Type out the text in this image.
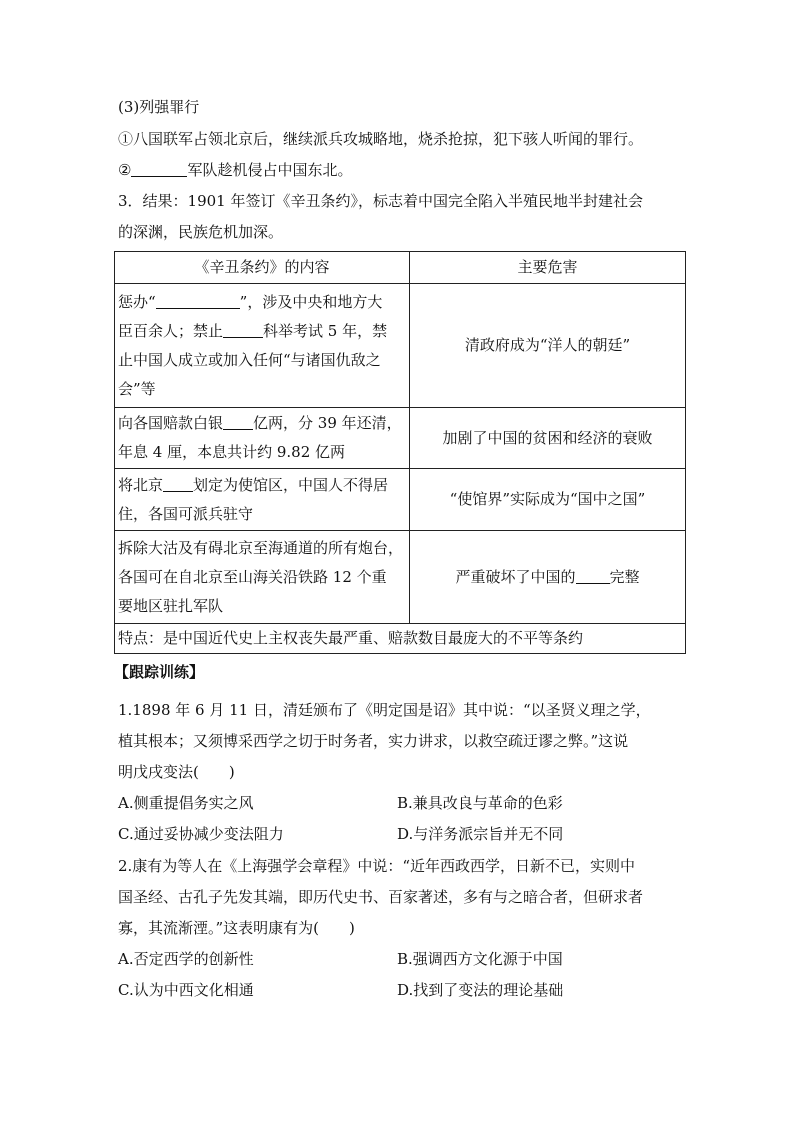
(3)列强罪行
①八国联军占领北京后，继续派兵攻城略地，烧杀抢掠，犯下骇人听闻的罪行。
②	军队趁机侵占中国东北。
3．结果：1901 年签订《辛丑条约》，标志着中国完全陷入半殖民地半封建社会
的深渊，民族危机加深。
《辛丑条约》的内容	主要危害

惩办“ ”，涉及中央和地方大
臣百余人；禁止 科举考试 5 年，禁
止中国人成立或加入任何“与诸国仇敌之
会”等	清政府成为“洋人的朝廷”

向各国赔款白银 亿两，分 39 年还清，
年息 4 厘，本息共计约 9.82 亿两	加剧了中国的贫困和经济的衰败

将北京 划定为使馆区，中国人不得居
住，各国可派兵驻守	“使馆界”实际成为“国中之国”

拆除大沽及有碍北京至海通道的所有炮台，
各国可在自北京至山海关沿铁路 12 个重
要地区驻扎军队	严重破坏了中国的 完整
特点：是中国近代史上主权丧失最严重、赔款数目最庞大的不平等条约	
【跟踪训练】
1.1898 年 6 月 11 日，清廷颁布了《明定国是诏》其中说：“以圣贤义理之学，
植其根本；又须博采西学之切于时务者，实力讲求，以救空疏迂谬之弊。”这说
明戊戌变法(　　)
A.侧重提倡务实之风	B.兼具改良与革命的色彩
C.通过妥协减少变法阻力	D.与洋务派宗旨并无不同
2.康有为等人在《上海强学会章程》中说：“近年西政西学，日新不已，实则中
国圣经、古孔子先发其端，即历代史书、百家著述，多有与之暗合者，但研求者
寡，其流渐湮。”这表明康有为(　　)
A.否定西学的创新性	B.强调西方文化源于中国
C.认为中西文化相通	D.找到了变法的理论基础
